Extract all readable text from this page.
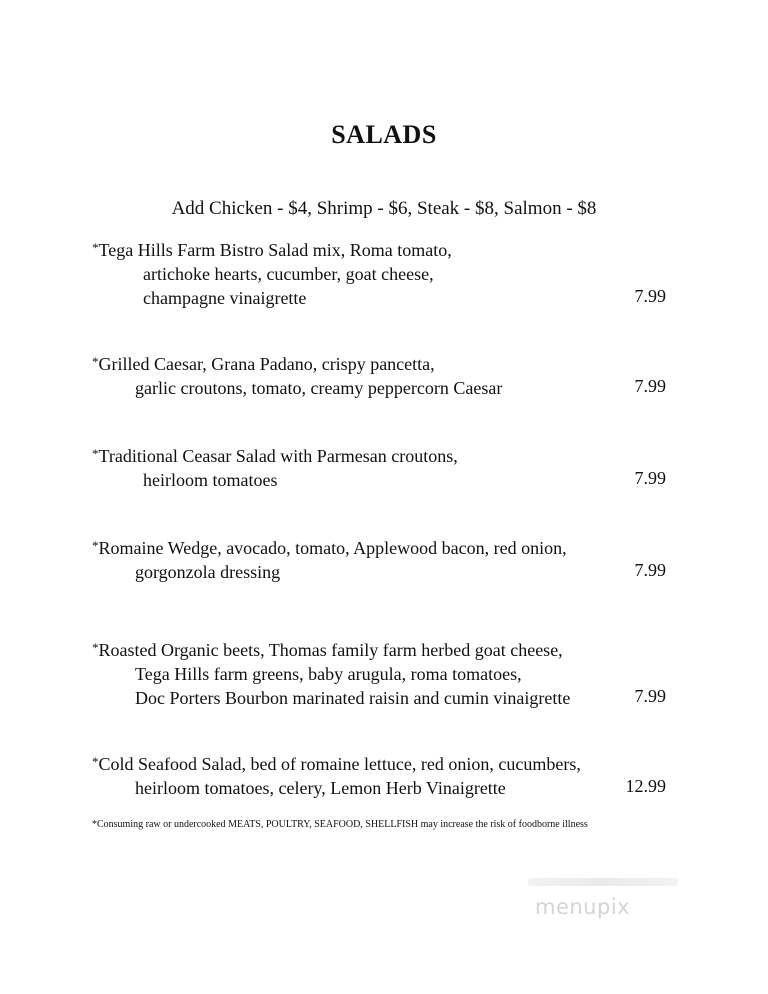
SALADS
Add Chicken - $4, Shrimp - $6, Steak - $8, Salmon - $8
*Tega Hills Farm Bistro Salad mix, Roma tomato,
artichoke hearts, cucumber, goat cheese,
champagne vinaigrette	7.99
*Grilled Caesar, Grana Padano, crispy pancetta,
garlic croutons, tomato, creamy peppercorn Caesar	7.99
*Traditional Ceasar Salad with Parmesan croutons,
heirloom tomatoes	7.99
*Romaine Wedge, avocado, tomato, Applewood bacon, red onion,
gorgonzola dressing	7.99
*Roasted Organic beets, Thomas family farm herbed goat cheese,
Tega Hills farm greens, baby arugula, roma tomatoes,
Doc Porters Bourbon marinated raisin and cumin vinaigrette	7.99
*Cold Seafood Salad, bed of romaine lettuce, red onion, cucumbers,
heirloom tomatoes, celery, Lemon Herb Vinaigrette	12.99
*Consuming raw or undercooked MEATS, POULTRY, SEAFOOD, SHELLFISH may increase the risk of foodborne illness
menupix
